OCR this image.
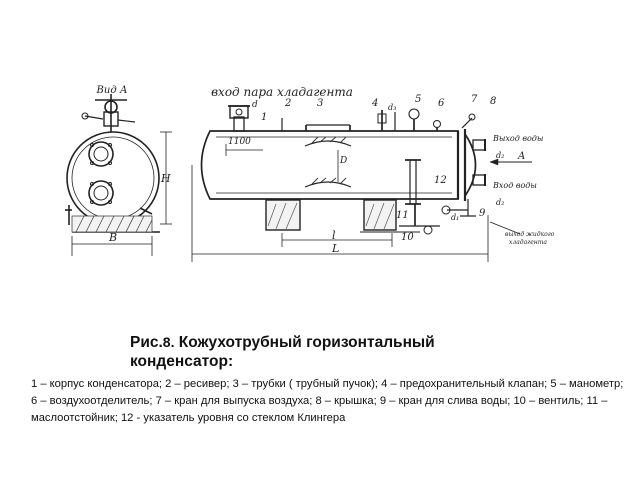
Вид А
H
B
вход пара хладагента
1100
d
D
d₃
d₁
l
L
A
Выход воды
d₂
Вход воды
d₂
выход жидкого
хладагента
1
2	3	4	5 6	7 8
9
10
11
12
Рис.8. Кожухотрубный горизонтальный конденсатор:
1 – корпус конденсатора; 2 – ресивер; 3 – трубки ( трубный пучок); 4 – предохранительный клапан; 5 – манометр; 6 – воздухоотделитель; 7 – кран для выпуска воздуха; 8 – крышка; 9 – кран для слива воды; 10 – вентиль; 11 – маслоотстойник; 12 - указатель уровня со стеклом Клингера
